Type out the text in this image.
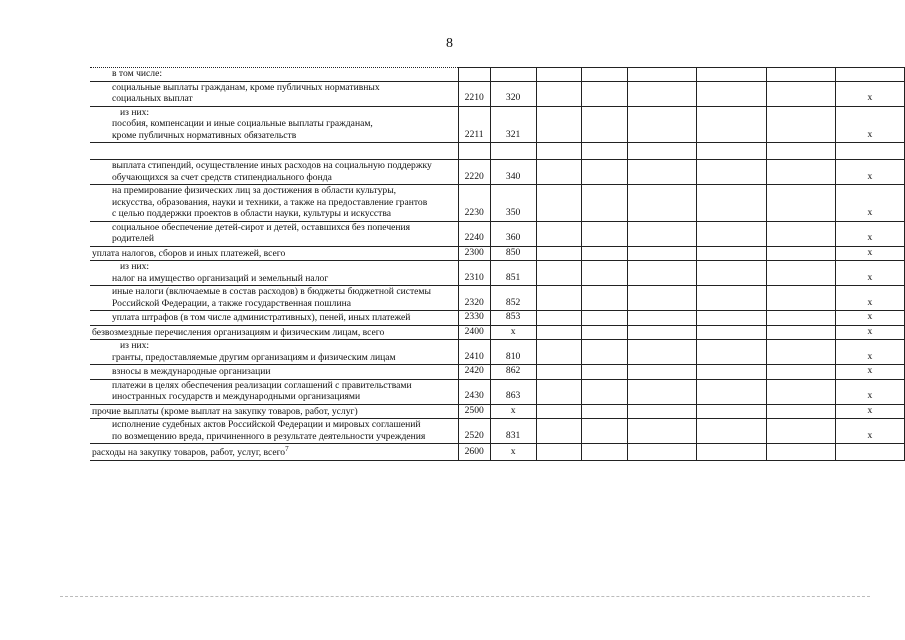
8
в том числе:								

социальные выплаты гражданам, кроме публичных нормативных
социальных выплат	2210	320						х

из них:
пособия, компенсации и иные социальные выплаты гражданам,
кроме публичных нормативных обязательств	2211	321						х

выплата стипендий, осуществление иных расходов на социальную поддержку
обучающихся за счет средств стипендиального фонда	2220	340						х

на премирование физических лиц за достижения в области культуры,
искусства, образования, науки и техники, а также на предоставление грантов
с целью поддержки проектов в области науки, культуры и искусства	2230	350						х

социальное обеспечение детей-сирот и детей, оставшихся без попечения
родителей	2240	360						х

уплата налогов, сборов и иных платежей, всего	2300	850						х

из них:
налог на имущество организаций и земельный налог	2310	851						х

иные налоги (включаемые в состав расходов) в бюджеты бюджетной системы
Российской Федерации, а также государственная пошлина	2320	852						х

уплата штрафов (в том числе административных), пеней, иных платежей	2330	853						х

безвозмездные перечисления организациям и физическим лицам, всего	2400	х						х

из них:
гранты, предоставляемые другим организациям и физическим лицам	2410	810						х

взносы в международные организации	2420	862						х

платежи в целях обеспечения реализации соглашений с правительствами
иностранных государств и международными организациями	2430	863						х

прочие выплаты (кроме выплат на закупку товаров, работ, услуг)	2500	х						х

исполнение судебных актов Российской Федерации и мировых соглашений
по возмещению вреда, причиненного в результате деятельности учреждения	2520	831						х
расходы на закупку товаров, работ, услуг, всего$^7$	2600	х						
